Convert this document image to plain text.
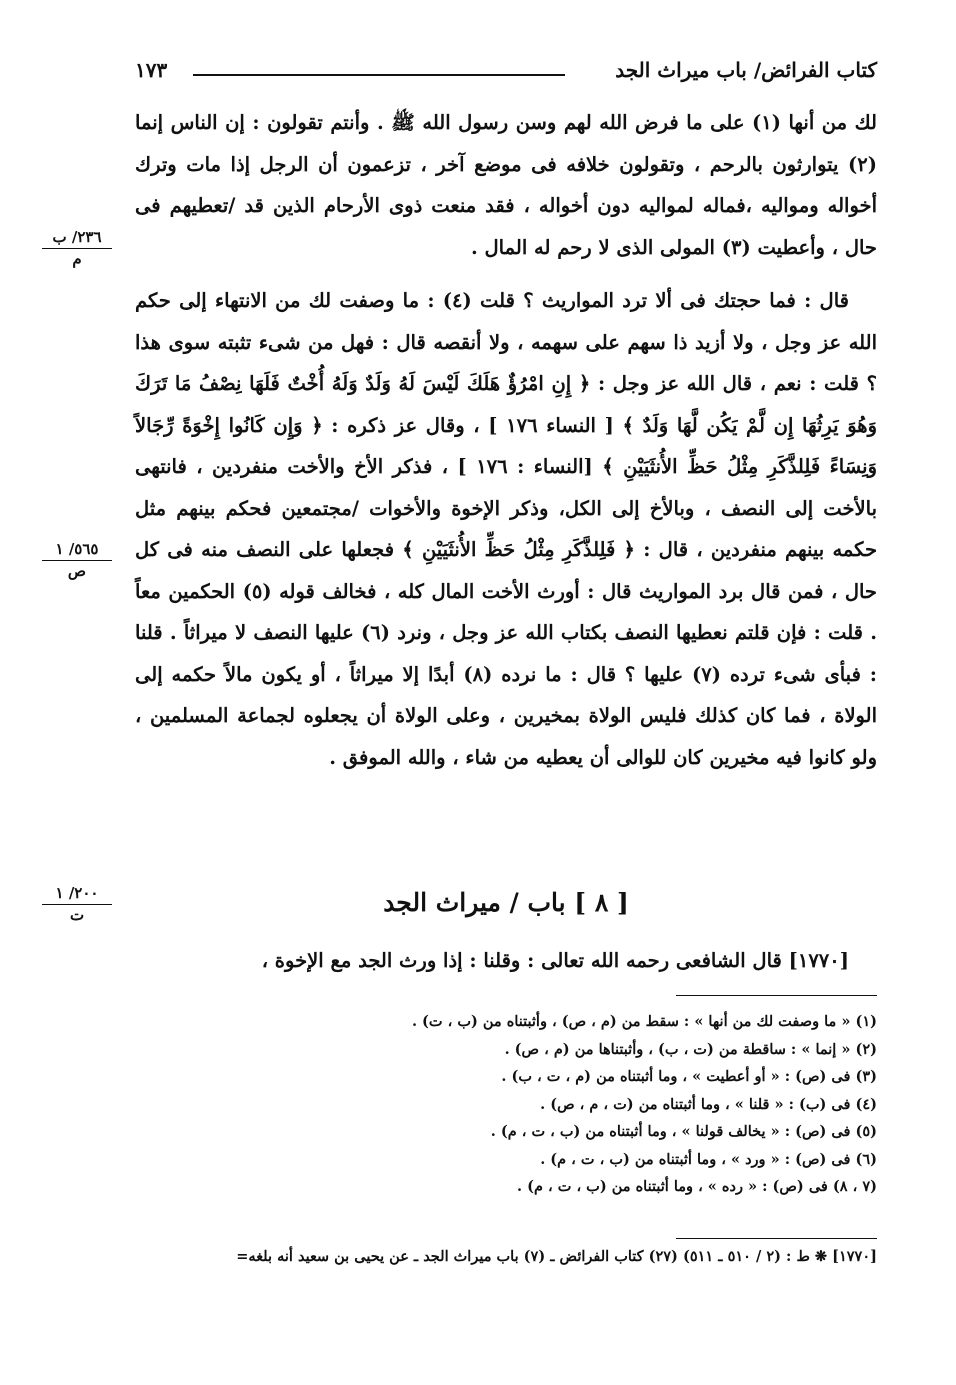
كتاب الفرائض/ باب ميراث الجد
١٧٣
٢٣٦/ ب
م
٥٦٥/ ١
ص
٢٠٠/ ١
ت

لك من أنها (١) على ما فرض الله لهم وسن رسول الله ﷺ . وأنتم تقولون : إن الناس إنما (٢) يتوارثون بالرحم ، وتقولون خلافه فى موضع آخر ، تزعمون أن الرجل إذا مات وترك أخواله ومواليه ،فماله لمواليه دون أخواله ، فقد منعت ذوى الأرحام الذين قد /تعطيهم فى حال ، وأعطيت (٣) المولى الذى لا رحم له المال .

قال : فما حجتك فى ألا ترد المواريث ؟ قلت (٤) : ما وصفت لك من الانتهاء إلى حكم الله عز وجل ، ولا أزيد ذا سهم على سهمه ، ولا أنقصه قال : فهل من شىء تثبته سوى هذا ؟ قلت : نعم ، قال الله عز وجل : ﴿ إِنِ امْرُؤٌ هَلَكَ لَيْسَ لَهُ وَلَدٌ وَلَهُ أُخْتٌ فَلَهَا نِصْفُ مَا تَرَكَ وَهُوَ يَرِثُهَا إِن لَّمْ يَكُن لَّهَا وَلَدٌ ﴾ [ النساء ١٧٦ ] ، وقال عز ذكره : ﴿ وَإِن كَانُوا إِخْوَةً رِّجَالاً وَنِسَاءً فَلِلذَّكَرِ مِثْلُ حَظِّ الأُنثَيَيْنِ ﴾ [النساء : ١٧٦ ] ، فذكر الأخ والأخت منفردين ، فانتهى بالأخت إلى النصف ، وبالأخ إلى الكل، وذكر الإخوة والأخوات /مجتمعين فحكم بينهم مثل حكمه بينهم منفردين ، قال : ﴿ فَلِلذَّكَرِ مِثْلُ حَظِّ الأُنثَيَيْنِ ﴾ فجعلها على النصف منه فى كل حال ، فمن قال برد المواريث قال : أورث الأخت المال كله ، فخالف قوله (٥) الحكمين معاً . قلت : فإن قلتم نعطيها النصف بكتاب الله عز وجل ، ونرد (٦) عليها النصف لا ميراثاً . قلنا : فبأى شىء ترده (٧) عليها ؟ قال : ما نرده (٨) أبدًا إلا ميراثاً ، أو يكون مالاً حكمه إلى الولاة ، فما كان كذلك فليس الولاة بمخيرين ، وعلى الولاة أن يجعلوه لجماعة المسلمين ، ولو كانوا فيه مخيرين كان للوالى أن يعطيه من شاء ، والله الموفق .

[ ٨ ] باب / ميراث الجد

[١٧٧٠] قال الشافعى رحمه الله تعالى : وقلنا : إذا ورث الجد مع الإخوة ،

(١) « ما وصفت لك من أنها » : سقط من (م ، ص) ، وأثبتناه من (ب ، ت) .
(٢) « إنما » : ساقطة من (ت ، ب) ، وأثبتناها من (م ، ص) .
(٣) فى (ص) : « أو أعطيت » ، وما أثبتناه من (م ، ت ، ب) .
(٤) فى (ب) : « قلنا » ، وما أثبتناه من (ت ، م ، ص) .
(٥) فى (ص) : « يخالف قولنا » ، وما أثبتناه من (ب ، ت ، م) .
(٦) فى (ص) : « ورد » ، وما أثبتناه من (ب ، ت ، م) .
(٧ ، ٨) فى (ص) : « رده » ، وما أثبتناه من (ب ، ت ، م) .
[١٧٧٠] ❋ ط : (٢ / ٥١٠ ـ ٥١١) (٢٧) كتاب الفرائض ـ (٧) باب ميراث الجد ـ عن يحيى بن سعيد أنه بلغه=
